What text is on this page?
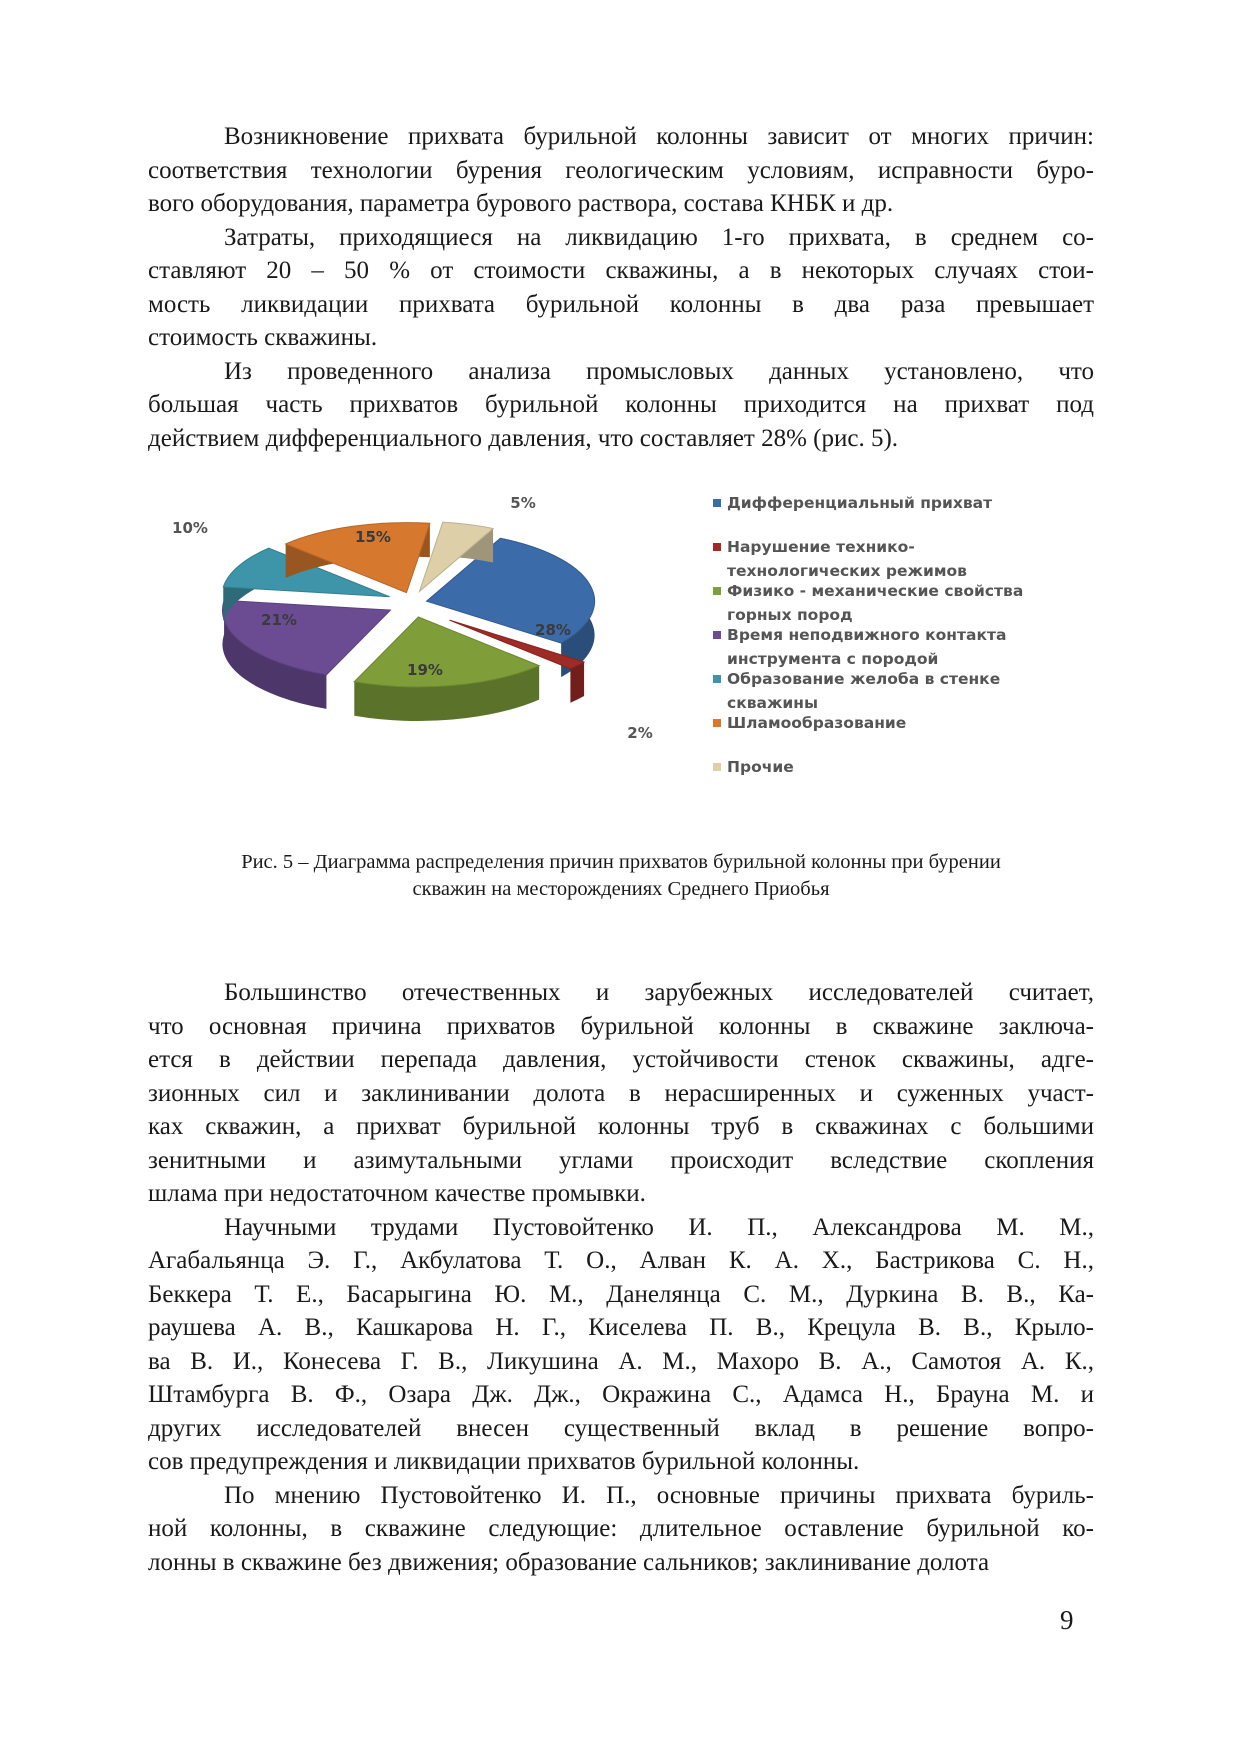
Возникновение прихвата бурильной колонны зависит от многих причин:
соответствия технологии бурения геологическим условиям, исправности буро-
вого оборудования, параметра бурового раствора, состава КНБК и др.

Затраты, приходящиеся на ликвидацию 1-го прихвата, в среднем со-
ставляют 20 – 50 % от стоимости скважины, а в некоторых случаях стои-
мость ликвидации прихвата бурильной колонны в два раза превышает
стоимость скважины.

Из проведенного анализа промысловых данных установлено, что
большая часть прихватов бурильной колонны приходится на прихват под
действием дифференциального давления, что составляет 28% (рис. 5).

28%
2%
19%
21%
10%	15%
5%	Дифференциальный прихват
Нарушение технико-
технологических режимов
Физико - механические свойства
горных пород
Время неподвижного контакта
инструмента с породой
Образование желоба в стенке
скважины
Шламообразование
Прочие
Рис. 5 – Диаграмма распределения причин прихватов бурильной колонны при бурении
скважин на месторождениях Среднего Приобья

Большинство отечественных и зарубежных исследователей считает,
что основная причина прихватов бурильной колонны в скважине заключа-
ется в действии перепада давления, устойчивости стенок скважины, адге-
зионных сил и заклинивании долота в нерасширенных и суженных участ-
ках скважин, а прихват бурильной колонны труб в скважинах с большими
зенитными и азимутальными углами происходит вследствие скопления
шлама при недостаточном качестве промывки.

Научными трудами Пустовойтенко И. П., Александрова М. М.,
Агабальянца Э. Г., Акбулатова Т. О., Алван К. А. Х., Бастрикова С. Н.,
Беккера Т. Е., Басарыгина Ю. М., Данелянца С. М., Дуркина В. В., Ка-
раушева А. В., Кашкарова Н. Г., Киселева П. В., Крецула В. В., Крыло-
ва В. И., Конесева Г. В., Ликушина А. М., Махоро В. А., Самотоя А. К.,
Штамбурга В. Ф., Озара Дж. Дж., Окражина С., Адамса Н., Брауна М. и
других исследователей внесен существенный вклад в решение вопро-
сов предупреждения и ликвидации прихватов бурильной колонны.

По мнению Пустовойтенко И. П., основные причины прихвата буриль-
ной колонны, в скважине следующие: длительное оставление бурильной ко-
лонны в скважине без движения; образование сальников; заклинивание долота

9
